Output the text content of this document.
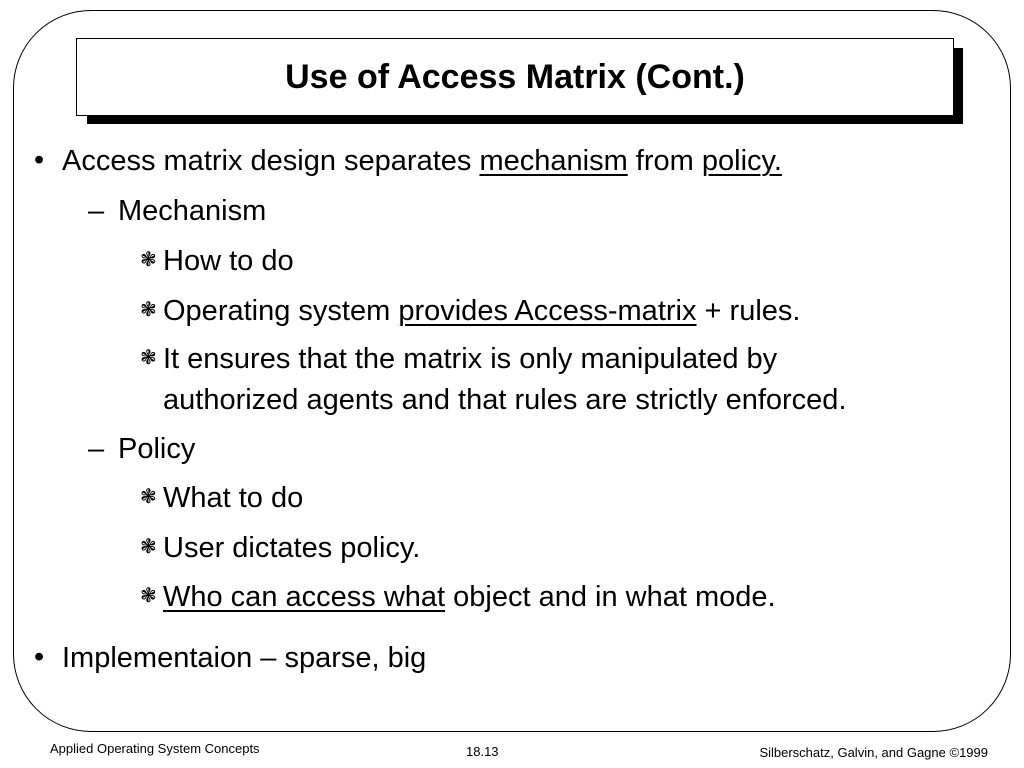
Use of Access Matrix (Cont.)
• Access matrix design separates mechanism from policy.
– Mechanism
❃ How to do
❃ Operating system provides Access-matrix + rules.
❃ It ensures that the matrix is only manipulated by
authorized agents and that rules are strictly enforced.
– Policy
❃ What to do
❃ User dictates policy.
❃ Who can access what object and in what mode.
• Implementaion – sparse, big
Applied Operating System Concepts	18.13	Silberschatz, Galvin, and Gagne ©1999
